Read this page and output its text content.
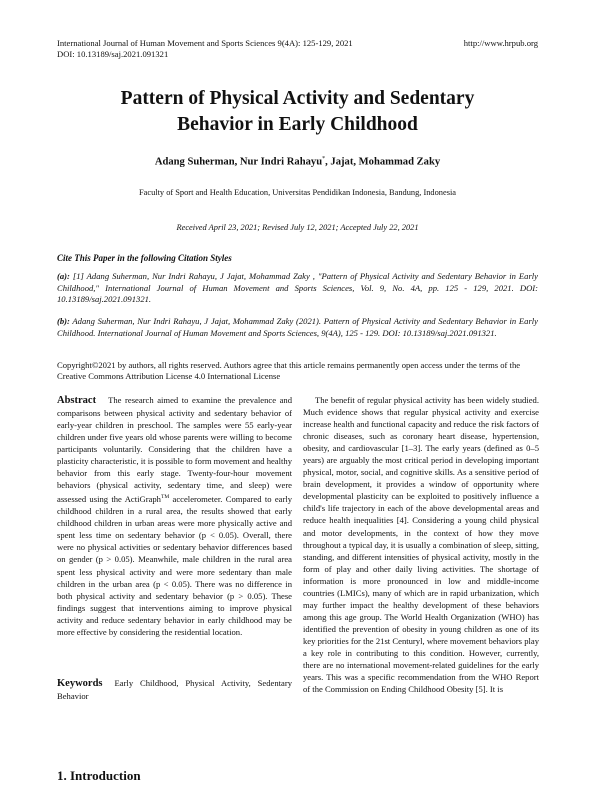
International Journal of Human Movement and Sports Sciences 9(4A): 125-129, 2021
DOI: 10.13189/saj.2021.091321
http://www.hrpub.org
Pattern of Physical Activity and Sedentary
Behavior in Early Childhood
Adang Suherman, Nur Indri Rahayu*, Jajat, Mohammad Zaky
Faculty of Sport and Health Education, Universitas Pendidikan Indonesia, Bandung, Indonesia
Received April 23, 2021; Revised July 12, 2021; Accepted July 22, 2021
Cite This Paper in the following Citation Styles
(a): [1] Adang Suherman, Nur Indri Rahayu, J Jajat, Mohammad Zaky , "Pattern of Physical Activity and Sedentary Behavior in Early Childhood," International Journal of Human Movement and Sports Sciences, Vol. 9, No. 4A, pp. 125 - 129, 2021. DOI: 10.13189/saj.2021.091321.
(b): Adang Suherman, Nur Indri Rahayu, J Jajat, Mohammad Zaky (2021). Pattern of Physical Activity and Sedentary Behavior in Early Childhood. International Journal of Human Movement and Sports Sciences, 9(4A), 125 - 129. DOI: 10.13189/saj.2021.091321.
Copyright©2021 by authors, all rights reserved. Authors agree that this article remains permanently open access under the terms of the Creative Commons Attribution License 4.0 International License
Abstract The research aimed to examine the prevalence and comparisons between physical activity and sedentary behavior of early-year children in preschool. The samples were 55 early-year children under five years old whose parents were willing to become participants voluntarily. Considering that the children have a plasticity characteristic, it is possible to form movement and healthy behavior from this early stage. Twenty-four-hour movement behaviors (physical activity, sedentary time, and sleep) were assessed using the ActiGraph™ accelerometer. Compared to early childhood children in a rural area, the results showed that early childhood children in urban areas were more physically active and spent less time on sedentary behavior (p < 0.05). Overall, there were no physical activities or sedentary behavior differences based on gender (p > 0.05). Meanwhile, male children in the rural area spent less physical activity and were more sedentary than male children in the urban area (p < 0.05). There was no difference in both physical activity and sedentary behavior (p > 0.05). These findings suggest that interventions aiming to improve physical activity and reduce sedentary behavior in early childhood may be more effective by considering the residential location.
Keywords Early Childhood, Physical Activity, Sedentary Behavior
1. Introduction
The benefit of regular physical activity has been widely studied. Much evidence shows that regular physical activity and exercise increase health and functional capacity and reduce the risk factors of chronic diseases, such as coronary heart disease, hypertension, obesity, and cardiovascular [1–3]. The early years (defined as 0–5 years) are arguably the most critical period in developing important physical, motor, social, and cognitive skills. As a sensitive period of brain development, it provides a window of opportunity where developmental plasticity can be exploited to positively influence a child's life trajectory in each of the above developmental areas and reduce health inequalities [4]. Considering a young child physical and motor developments, in the context of how they move throughout a typical day, it is usually a combination of sleep, sitting, standing, and different intensities of physical activity, mostly in the form of play and other daily living activities. The shortage of information is more pronounced in low and middle-income countries (LMICs), many of which are in rapid urbanization, which may further impact the healthy development of these behaviors among this age group. The World Health Organization (WHO) has identified the prevention of obesity in young children as one of its key priorities for the 21st Centuryl, where movement behaviors play a key role in contributing to this condition. However, currently, there are no international movement-related guidelines for the early years. This was a specific recommendation from the WHO Report of the Commission on Ending Childhood Obesity [5]. It is
